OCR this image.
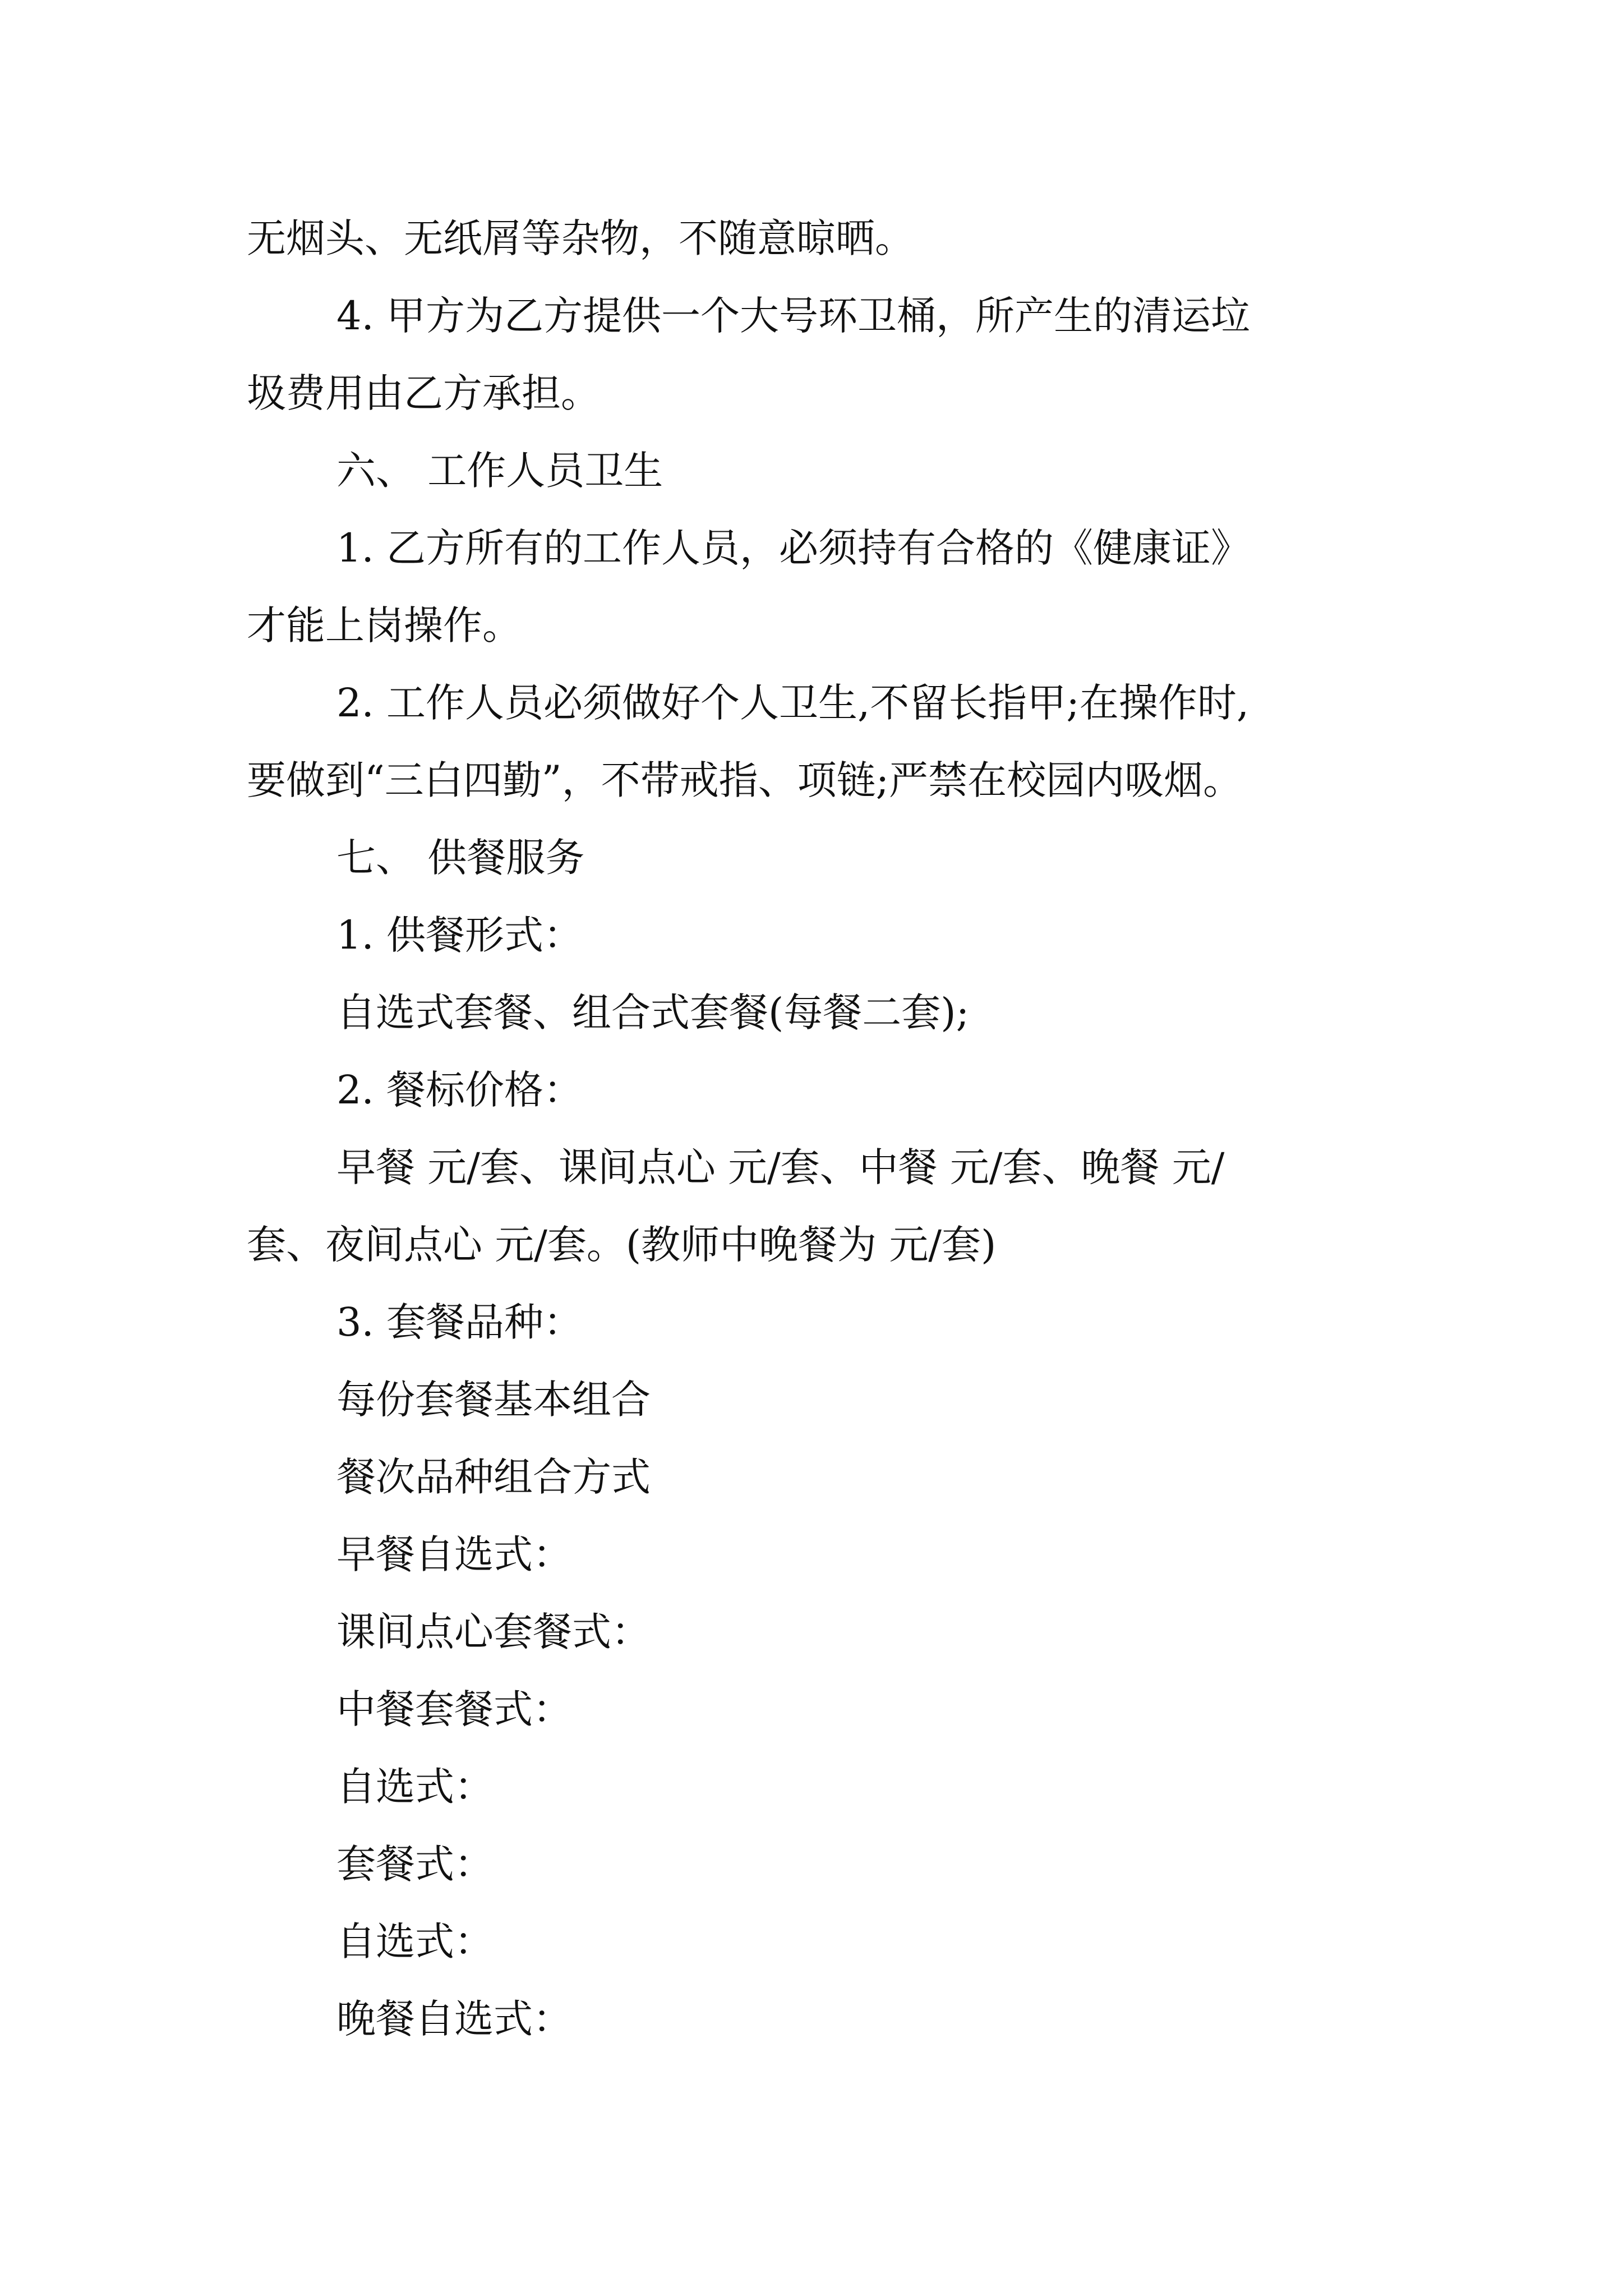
无烟头、无纸屑等杂物，不随意晾晒。
4. 甲方为乙方提供一个大号环卫桶，所产生的清运垃
圾费用由乙方承担。
六、 工作人员卫生
1. 乙方所有的工作人员，必须持有合格的《健康证》
才能上岗操作。
2. 工作人员必须做好个人卫生,不留长指甲;在操作时,
要做到“三白四勤”，不带戒指、项链;严禁在校园内吸烟。
七、 供餐服务
1. 供餐形式：
自选式套餐、组合式套餐(每餐二套);
2. 餐标价格：
早餐 元/套、课间点心 元/套、中餐 元/套、晚餐 元/
套、夜间点心 元/套。(教师中晚餐为 元/套)
3. 套餐品种：
每份套餐基本组合
餐次品种组合方式
早餐自选式：
课间点心套餐式：
中餐套餐式：
自选式：
套餐式：
自选式：
晚餐自选式：
